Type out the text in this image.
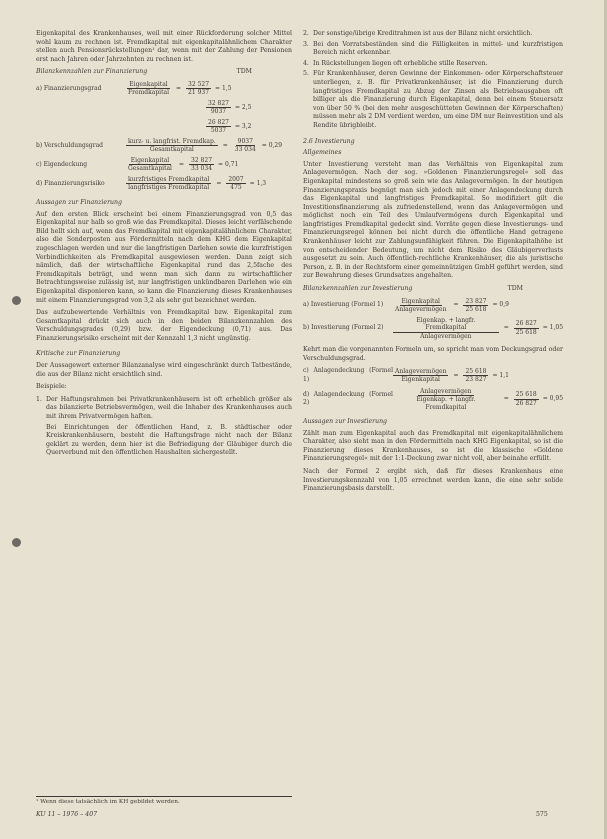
Eigenkapital des Krankenhauses, weil mit einer Rückforderung solcher Mittel wohl kaum zu rechnen ist. Fremdkapital mit eigenkapitalähnlichem Charakter stellen auch Pensionsrückstellungen¹ dar, wenn mit der Zahlung der Pensionen erst nach Jahren oder Jahrzehnten zu rechnen ist.

Bilanzkennzahlen zur Finanzierung	TDM
a) Finanzierungsgrad	$\frac{\text{Eigenkapital}}{\text{Fremdkapital}} = \frac{32 527}{21 937} = 1,5$
$\frac{32 827}{9037} = 2,5$
$\frac{26 827}{5037} = 3,2$
b) Verschuldungsgrad	$\frac{\text{kurz- u. langfrist. Fremdkap.}}{\text{Gesamtkapital}} = \frac{9037}{33 034} = 0,29$
c) Eigendeckung	$\frac{\text{Eigenkapital}}{\text{Gesamtkapital}} = \frac{32 827}{33 034} = 0,71$
d) Finanzierungsrisiko	$\frac{\text{kurzfristiges Fremdkapital}}{\text{langfristiges Fremdkapital}} = \frac{2007}{475} = 1,3$
Aussagen zur Finanzierung

Auf den ersten Blick erscheint bei einem Finanzierungsgrad von 0,5 das Eigenkapital nur halb so groß wie das Fremdkapital. Dieses leicht verfälschende Bild hellt sich auf, wenn das Fremdkapital mit eigenkapitalähnlichem Charakter, also die Sonderposten aus Fördermitteln nach dem KHG dem Eigenkapital zugeschlagen werden und nur die langfristigen Darlehen sowie die kurzfristigen Verbindlichkeiten als Fremdkapital ausgewiesen werden. Dann zeigt sich nämlich, daß der wirtschaftliche Eigenkapital rund das 2,5fache des Fremdkapitals beträgt, und wenn man sich dann zu wirtschaftlicher Betrachtungsweise zulässig ist, nur langfristigen unkündbaren Darlehen wie ein Eigenkapital disponieren kann, so kann die Finanzierung dieses Krankenhauses mit einem Finanzierungsgrad von 3,2 als sehr gut bezeichnet werden.

Das aufzubewertende Verhältnis von Fremdkapital bzw. Eigenkapital zum Gesamtkapital drückt sich auch in den beiden Bilanzkennzahlen des Verschuldungsgrades (0,29) bzw. der Eigendeckung (0,71) aus. Das Finanzierungsrisiko erscheint mit der Kennzahl 1,3 nicht ungünstig.

Kritische zur Finanzierung

Der Aussagewert externer Bilanzanalyse wird eingeschränkt durch Tatbestände, die aus der Bilanz nicht ersichtlich sind.

Beispiele:

1. Der Haftungsrahmen bei Privatkrankenhäusern ist oft erheblich größer als das bilanzierte Betriebsvermögen, weil die Inhaber des Krankenhauses auch mit ihrem Privatvermögen haften.
Bei Einrichtungen der öffentlichen Hand, z. B. städtischer oder Kreiskrankenhäusern, besteht die Haftungsfrage nicht nach der Bilanz geklärt zu werden, denn hier ist die Befriedigung der Gläubiger durch die Querverbund mit den öffentlichen Haushalten sichergestellt.
¹ Wenn diese tatsächlich im KH gebildet werden.
KU 11 – 1976 – 407
2. Der sonstige/übrige Kreditrahmen ist aus der Bilanz nicht ersichtlich.
3. Bei den Vorratsbeständen sind die Fälligkeiten in mittel- und kurzfristigen Bereich nicht erkennbar.
4. In Rückstellungen liegen oft erhebliche stille Reserven.
5. Für Krankenhäuser, deren Gewinne der Einkommen- oder Körperschaftsteuer unterliegen, z. B. für Privatkrankenhäuser, ist die Finanzierung durch langfristiges Fremdkapital zu Abzug der Zinsen als Betriebsausgaben oft billiger als die Finanzierung durch Eigenkapital, denn bei einem Steuersatz von über 50 % (bei den mehr ausgeschütteten Gewinnen der Körperschaften) müssen mehr als 2 DM verdient werden, um eine DM nur Reinvestition und als Rendite übrigbleibt.
2.6 Investierung
Allgemeines

Unter Investierung versteht man das Verhältnis von Eigenkapital zum Anlagevermögen. Nach der sog. »Goldenen Finanzierungsregel« soll das Eigenkapital mindestens so groß sein wie das Anlagevermögen. In der heutigen Finanzierungspraxis begnügt man sich jedoch mit einer Anlagendeckung durch das Eigenkapital und langfristiges Fremdkapital. So modifiziert gilt die Investitionsfinanzierung als zufriedenstellend, wenn das Anlagevermögen und möglichst noch ein Teil des Umlaufvermögens durch Eigenkapital und langfristiges Fremdkapital gedeckt sind. Vorräte gegen diese Investierungs- und Finanzierungsregel können bei nicht durch die öffentliche Hand getragene Krankenhäuser leicht zur Zahlungsunfähigkeit führen. Die Eigenkapitalhöhe ist von entscheidender Bedeutung, um nicht dem Risiko des Gläubigerverlusts ausgesetzt zu sein. Auch öffentlich-rechtliche Krankenhäuser, die als juristische Person, z. B. in der Rechtsform einer gemeinnützigen GmbH geführt werden, sind zur Bewahrung dieses Grundsatzes angehalten.

Bilanzkennzahlen zur Investierung	TDM
a) Investierung (Formel 1)	$\frac{\text{Eigenkapital}}{\text{Anlagevermögen}} = \frac{23 827}{25 618} = 0,9$
b) Investierung (Formel 2)	$\frac{\text{Eigenkap. + langfr. Fremdkapital}}{\text{Anlagevermögen}} = \frac{26 827}{25 618} = 1,05$

Kehrt man die vorgenannten Formeln um, so spricht man vom Deckungsgrad oder Verschuldungsgrad.

c) Anlagendeckung (Formel 1)	$\frac{\text{Anlagevermögen}}{\text{Eigenkapital}} = \frac{25 618}{23 827} = 1,1$
d) Anlagendeckung (Formel 2)	$\frac{\text{Anlagevermögen}}{\text{Eigenkap. + langfr. Fremdkapital}} = \frac{25 618}{26 827} = 0,95$
Aussagen zur Investierung

Zählt man zum Eigenkapital auch das Fremdkapital mit eigenkapitalähnlichem Charakter, also sieht man in den Fördermitteln nach KHG Eigenkapital, so ist die Finanzierung dieses Krankenhauses, so ist die klassische »Goldene Finanzierungsregel« mit der 1:1-Deckung zwar nicht voll, aber beinahe erfüllt.

Nach der Formel 2 ergibt sich, daß für dieses Krankenhaus eine Investierungskennzahl von 1,05 errechnet werden kann, die eine sehr solide Finanzierungsbasis darstellt.

575
